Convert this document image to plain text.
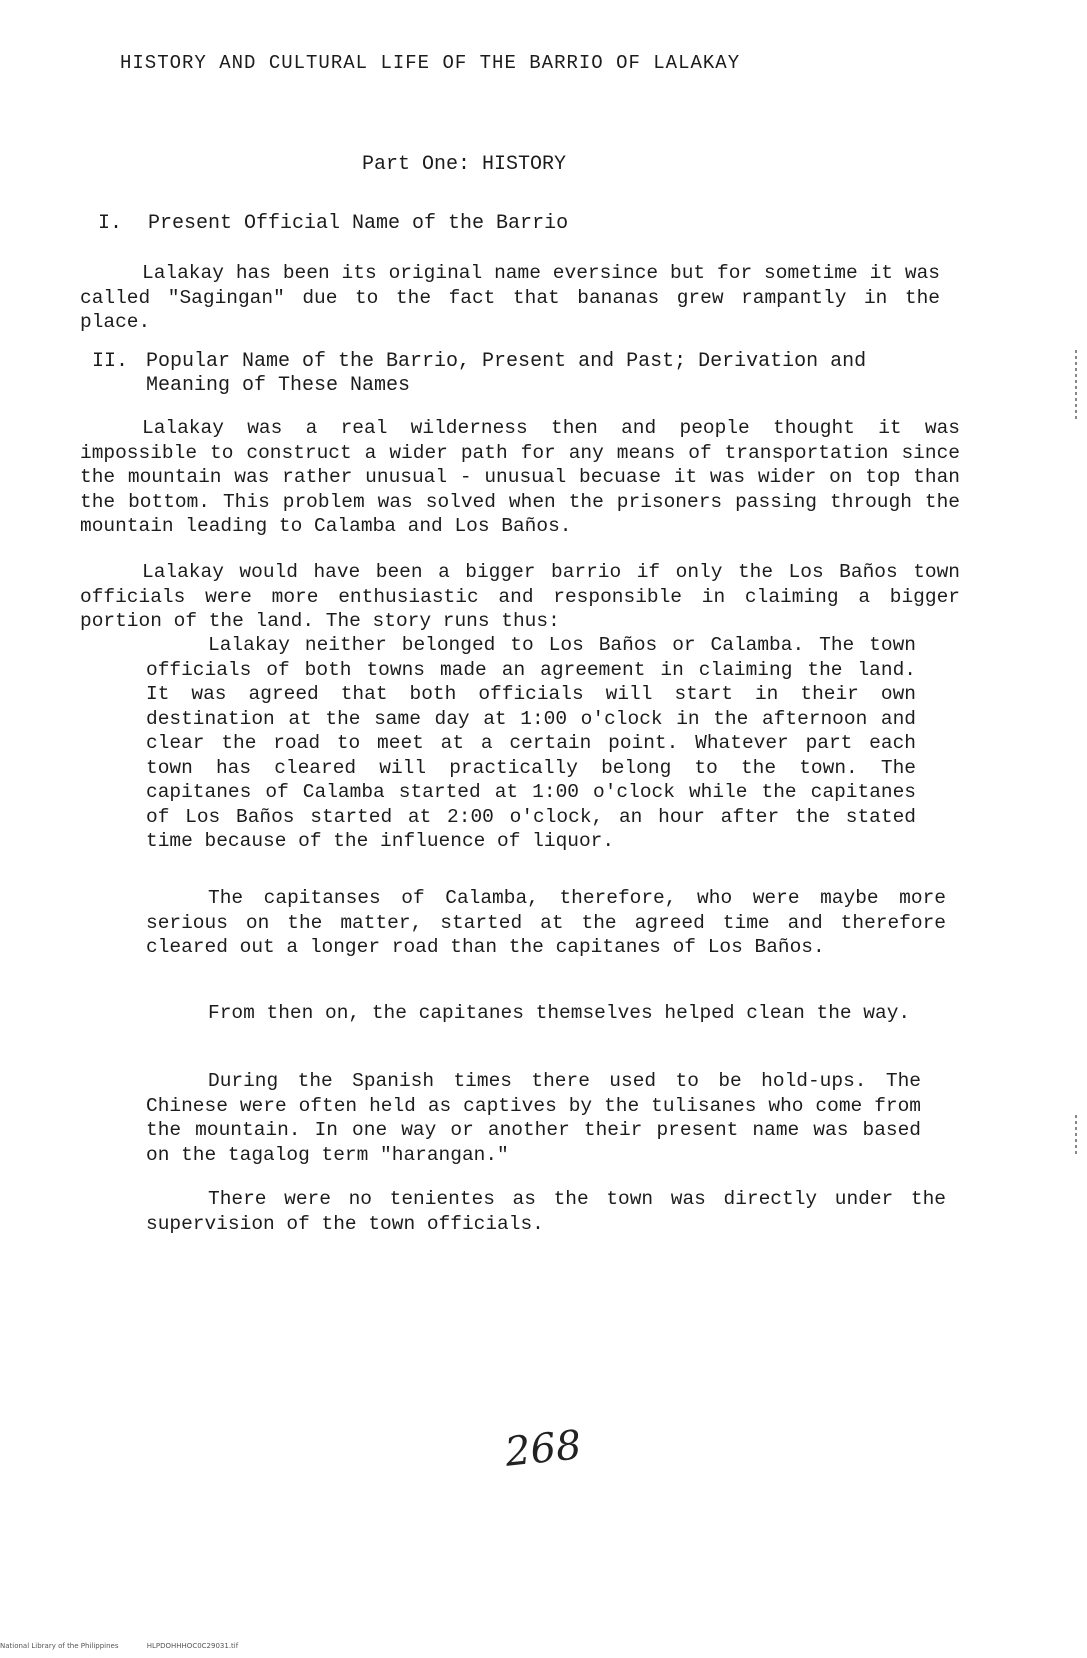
HISTORY AND CULTURAL LIFE OF THE BARRIO OF LALAKAY
Part One: HISTORY
I. Present Official Name of the Barrio
Lalakay has been its original name eversince but for sometime it was called "Sagingan" due to the fact that bananas grew rampantly in the place.
II. Popular Name of the Barrio, Present and Past; Derivation and Meaning of These Names
Lalakay was a real wilderness then and people thought it was impossible to construct a wider path for any means of transportation since the mountain was rather unusual - unusual becuase it was wider on top than the bottom. This problem was solved when the prisoners passing through the mountain leading to Calamba and Los Baños.
Lalakay would have been a bigger barrio if only the Los Baños town officials were more enthusiastic and responsible in claiming a bigger portion of the land. The story runs thus:
Lalakay neither belonged to Los Baños or Calamba. The town officials of both towns made an agreement in claiming the land. It was agreed that both officials will start in their own destination at the same day at 1:00 o'clock in the afternoon and clear the road to meet at a certain point. Whatever part each town has cleared will practically belong to the town. The capitanes of Calamba started at 1:00 o'clock while the capitanes of Los Baños started at 2:00 o'clock, an hour after the stated time because of the influence of liquor.
The capitanses of Calamba, therefore, who were maybe more serious on the matter, started at the agreed time and therefore cleared out a longer road than the capitanes of Los Baños.
From then on, the capitanes themselves helped clean the way.
During the Spanish times there used to be hold-ups. The Chinese were often held as captives by the tulisanes who come from the mountain. In one way or another their present name was based on the tagalog term "harangan."
There were no tenientes as the town was directly under the supervision of the town officials.
268
National Library of the Philippines	HLPDOHHHOC0C29031.tif
